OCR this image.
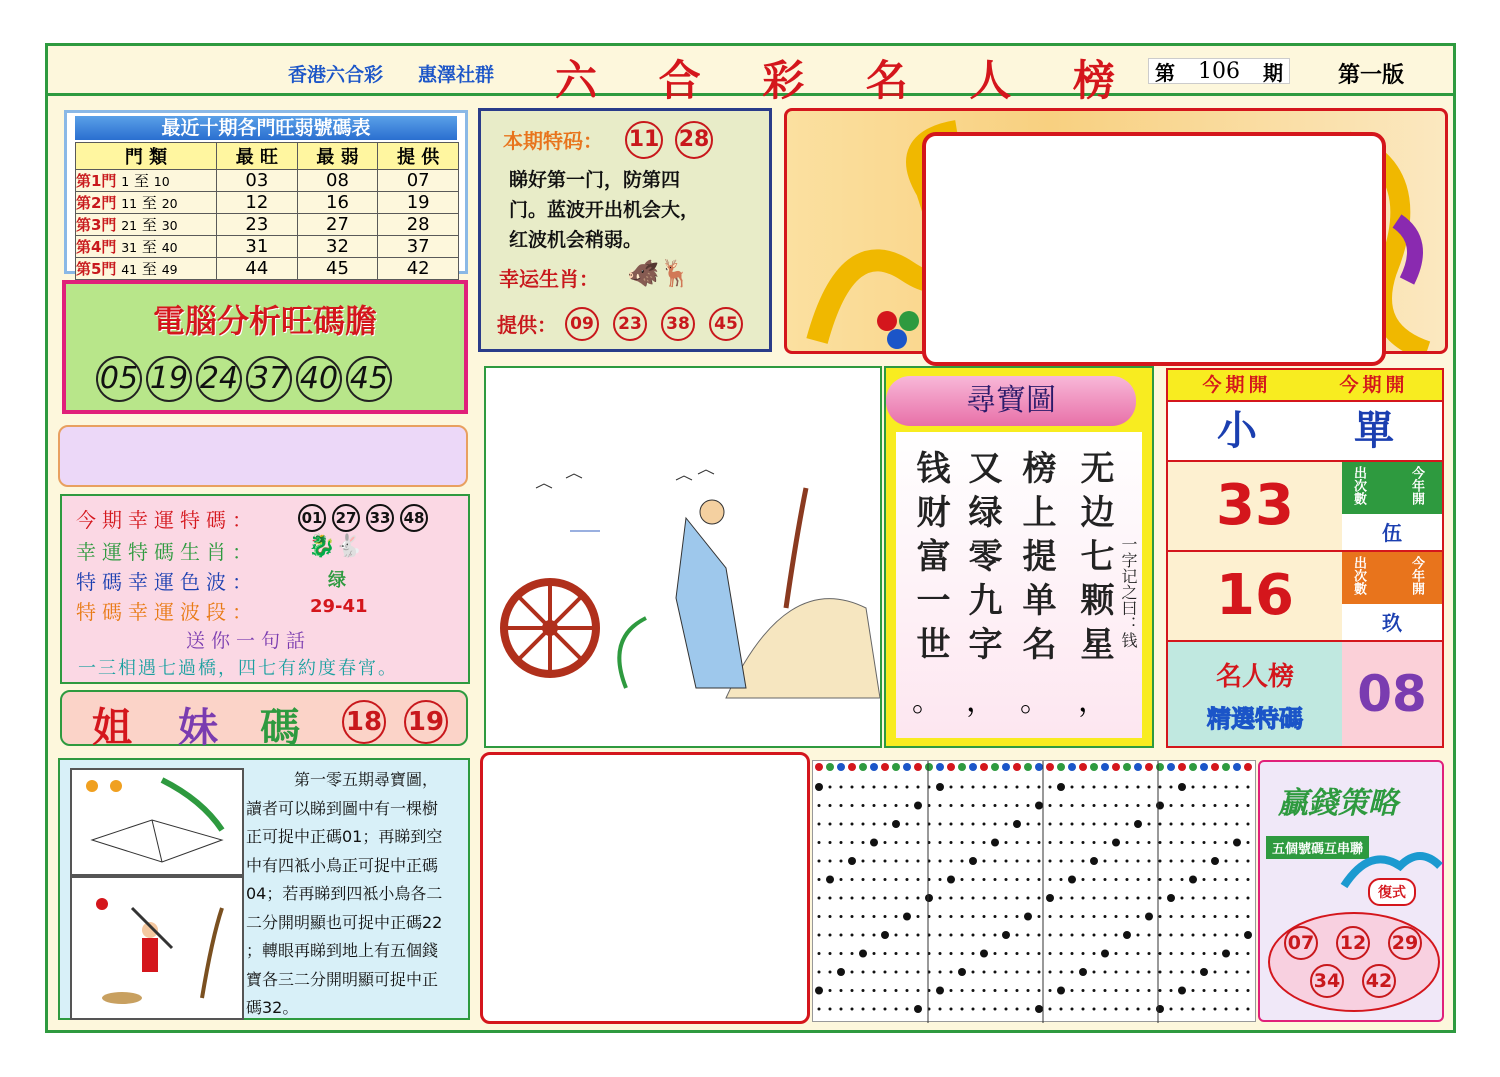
香港六合彩 惠澤社群 六 合 彩 名 人 榜 第 106 期	第一版
最近十期各門旺弱號碼表
門 類	最 旺	最 弱	提 供
第1門 1 至 10	03	08	07
第2門 11 至 20	12	16	19
第3門 21 至 30	23	27	28
第4門 31 至 40	31	32	37
第5門 41 至 49	44	45	42
電腦分析旺碼膽
05 19 24 37 40 45
今期幸運特碼：	01 27 33 48
幸運特碼生肖： 🐉🐇
特碼幸運色波：	绿
特碼幸運波段：	29-41
送你一句話
一三相遇七過橋，四七有約度春宵。
姐 妹 碼 18 19
第一零五期尋寶圖，
讀者可以睇到圖中有一棵樹
正可捉中正碼01；再睇到空
中有四袛小鳥正可捉中正碼
04；若再睇到四袛小鳥各二
二分開明顯也可捉中正碼22
；轉眼再睇到地上有五個錢
寶各三二分開明顯可捉中正
碼32。
本期特码： 11 28
睇好第一门，防第四
门。蓝波开出机会大，
红波机会稍弱。
幸运生肖： 🐗🦌
提供： 09	23	38	45
尋寶圖
无边七颗星
榜上提单名
又绿零九字
钱财富一世
，
。
，
。
一字记之曰：钱
今期開	今期開
小	單
33	出次數	今年開
伍
16	出次數	今年開
玖
名人榜
精選特碼	08
贏錢策略
五個號碼互串聯
復式
07 12 29
34 42
